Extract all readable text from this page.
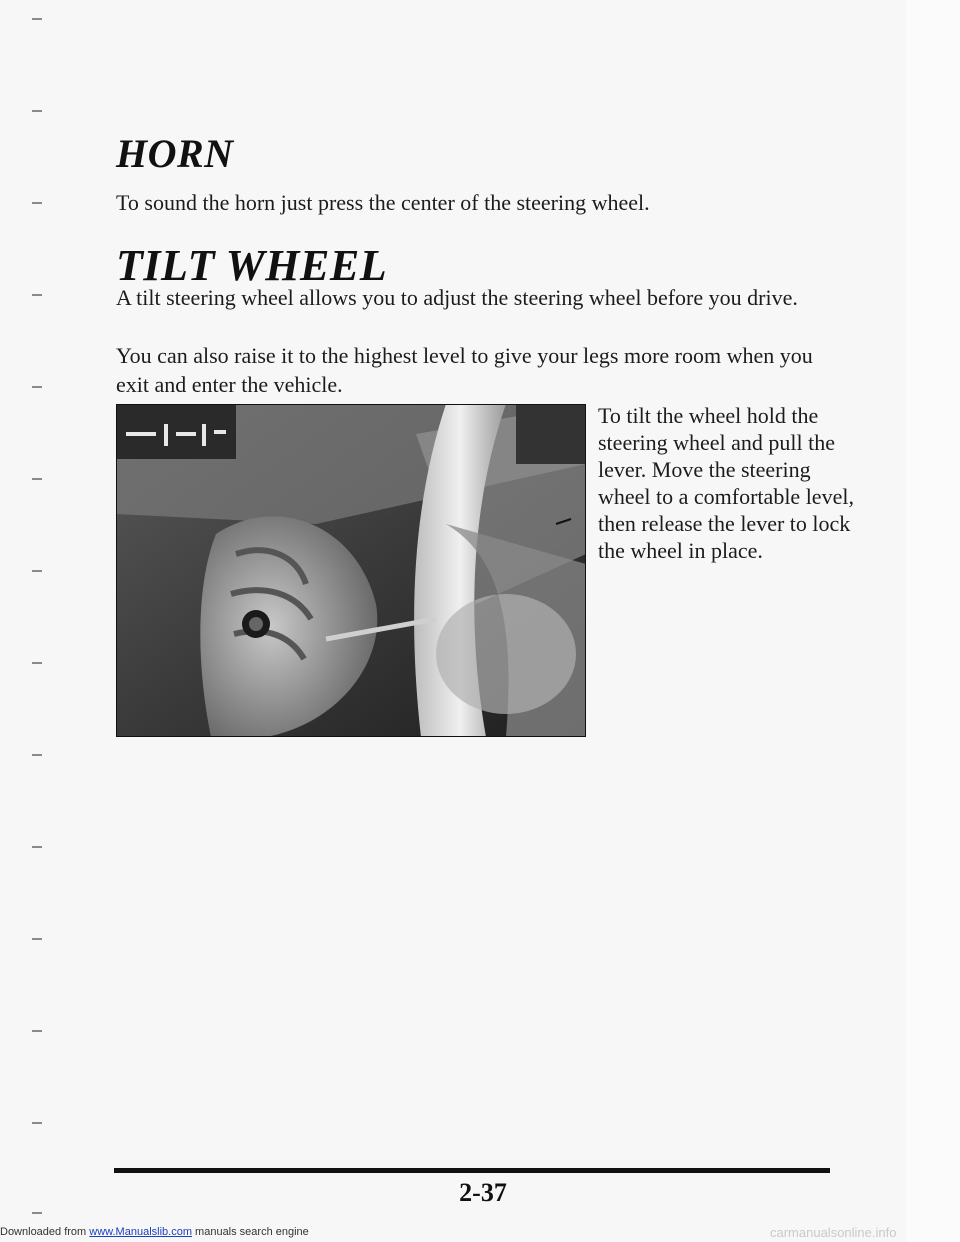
HORN
To sound the horn just press the center of the steering wheel.
TILT WHEEL
A tilt steering wheel allows you to adjust the steering wheel before you drive.
You can also raise it to the highest level to give your legs more room when you exit and enter the vehicle.
To tilt the wheel hold the steering wheel and pull the lever. Move the steering wheel to a comfortable level, then release the lever to lock the wheel in place.
2-37
Downloaded from www.Manualslib.com manuals search engine	carmanualsonline.info
